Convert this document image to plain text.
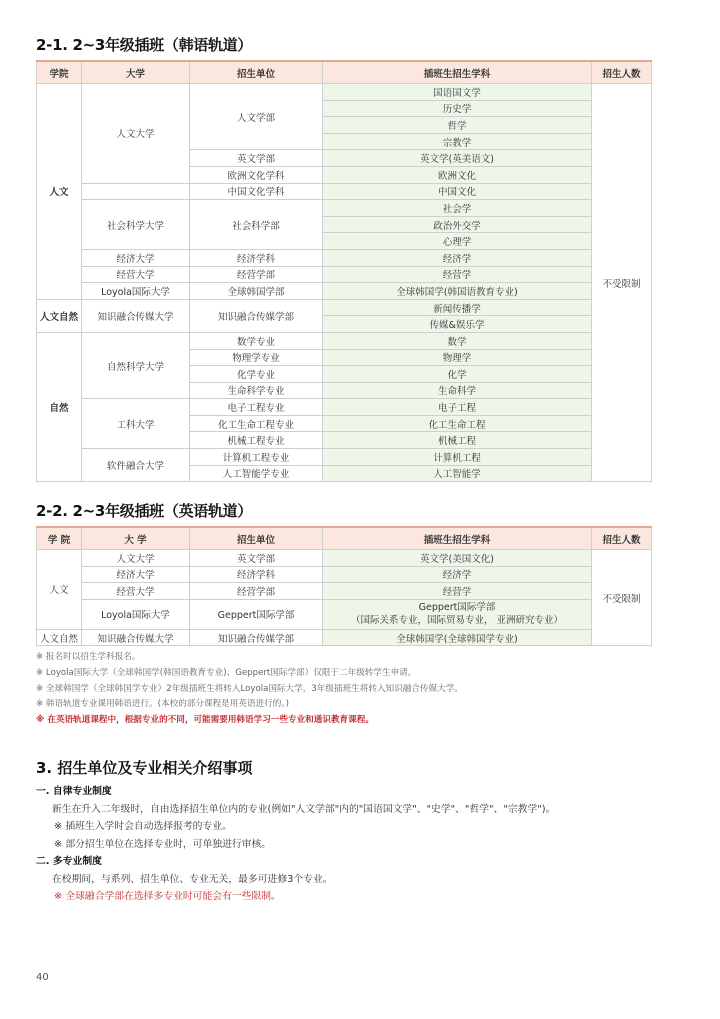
2-1. 2~3年级插班（韩语轨道）
学院	大学	招生单位	插班生招生学科	招生人数
人文	人文大学	人文学部	国语国文学	不受限制
			历史学	
			哲学	
			宗教学	
		英文学部	英文学(英美语文)	
		欧洲文化学科	欧洲文化	
		中国文化学科	中国文化	
	社会科学大学	社会科学部	社会学	
			政治外交学	
			心理学	
	经济大学	经济学科	经济学	
	经营大学	经营学部	经营学	
	Loyola国际大学	全球韩国学部	全球韩国学(韩国语教育专业)	
人文自然	知识融合传媒大学	知识融合传媒学部	新闻传播学	
			传媒&娱乐学	
自然	自然科学大学	数学专业	数学	
		物理学专业	物理学	
		化学专业	化学	
		生命科学专业	生命科学	
	工科大学	电子工程专业	电子工程	
		化工生命工程专业	化工生命工程	
		机械工程专业	机械工程	
	软件融合大学	计算机工程专业	计算机工程	
		人工智能学专业	人工智能学	
2-2. 2~3年级插班（英语轨道）
学 院	大 学	招生单位	插班生招生学科	招生人数
人文	人文大学	英文学部	英文学(美国文化)	不受限制
	经济大学	经济学科	经济学	
	经营大学	经营学部	经营学	
	Loyola国际大学	Geppert国际学部	Geppert国际学部
（国际关系专业，国际贸易专业， 亚洲研究专业）	

人文自然	知识融合传媒大学	知识融合传媒学部	全球韩国学(全球韩国学专业)	
※ 报名时以招生学科报名。
※ Loyola国际大学（全球韩国学(韩国语教育专业)、Geppert国际学部）仅限于二年级转学生申请。
※ 全球韩国学（全球韩国学专业）2年级插班生将转入Loyola国际大学，3年级插班生将转入知识融合传媒大学。
※ 韩语轨道专业课用韩语进行。(本校的部分课程是用英语进行的。)
※ 在英语轨道课程中，根据专业的不同，可能需要用韩语学习一些专业和通识教育课程。
3. 招生单位及专业相关介绍事项
一. 自律专业制度
新生在升入二年级时，自由选择招生单位内的专业(例如"人文学部"内的"国语国文学"、"史学"、"哲学"、"宗教学")。
※ 插班生入学时会自动选择报考的专业。
※ 部分招生单位在选择专业时，可单独进行审核。
二. 多专业制度
在校期间，与系列、招生单位、专业无关，最多可进修3个专业。
※ 全球融合学部在选择多专业时可能会有一些限制。
40
